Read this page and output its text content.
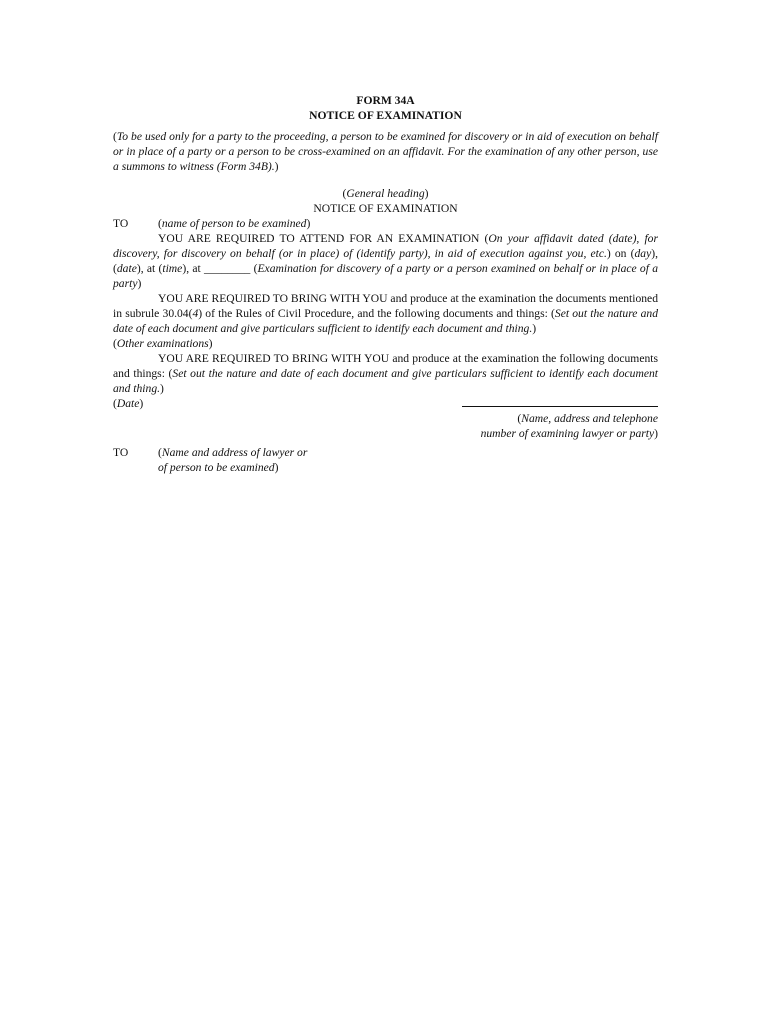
FORM 34A

NOTICE OF EXAMINATION

(To be used only for a party to the proceeding, a person to be examined for discovery or in aid of execution on behalf or in place of a party or a person to be cross-examined on an affidavit. For the examination of any other person, use a summons to witness (Form 34B).)

(General heading)

NOTICE OF EXAMINATION

TO	(name of person to be examined)

YOU ARE REQUIRED TO ATTEND FOR AN EXAMINATION (On your affidavit dated (date), for discovery, for discovery on behalf (or in place) of (identify party), in aid of execution against you, etc.) on (day), (date), at (time), at ________ (Examination for discovery of a party or a person examined on behalf or in place of a party)

YOU ARE REQUIRED TO BRING WITH YOU and produce at the examination the documents mentioned in subrule 30.04(4) of the Rules of Civil Procedure, and the following documents and things: (Set out the nature and date of each document and give particulars sufficient to identify each document and thing.)

(Other examinations)

YOU ARE REQUIRED TO BRING WITH YOU and produce at the examination the following documents and things: (Set out the nature and date of each document and give particulars sufficient to identify each document and thing.)

(Date)
(Name, address and telephone
number of examining lawyer or party)
TO	(Name and address of lawyer or
of person to be examined)
